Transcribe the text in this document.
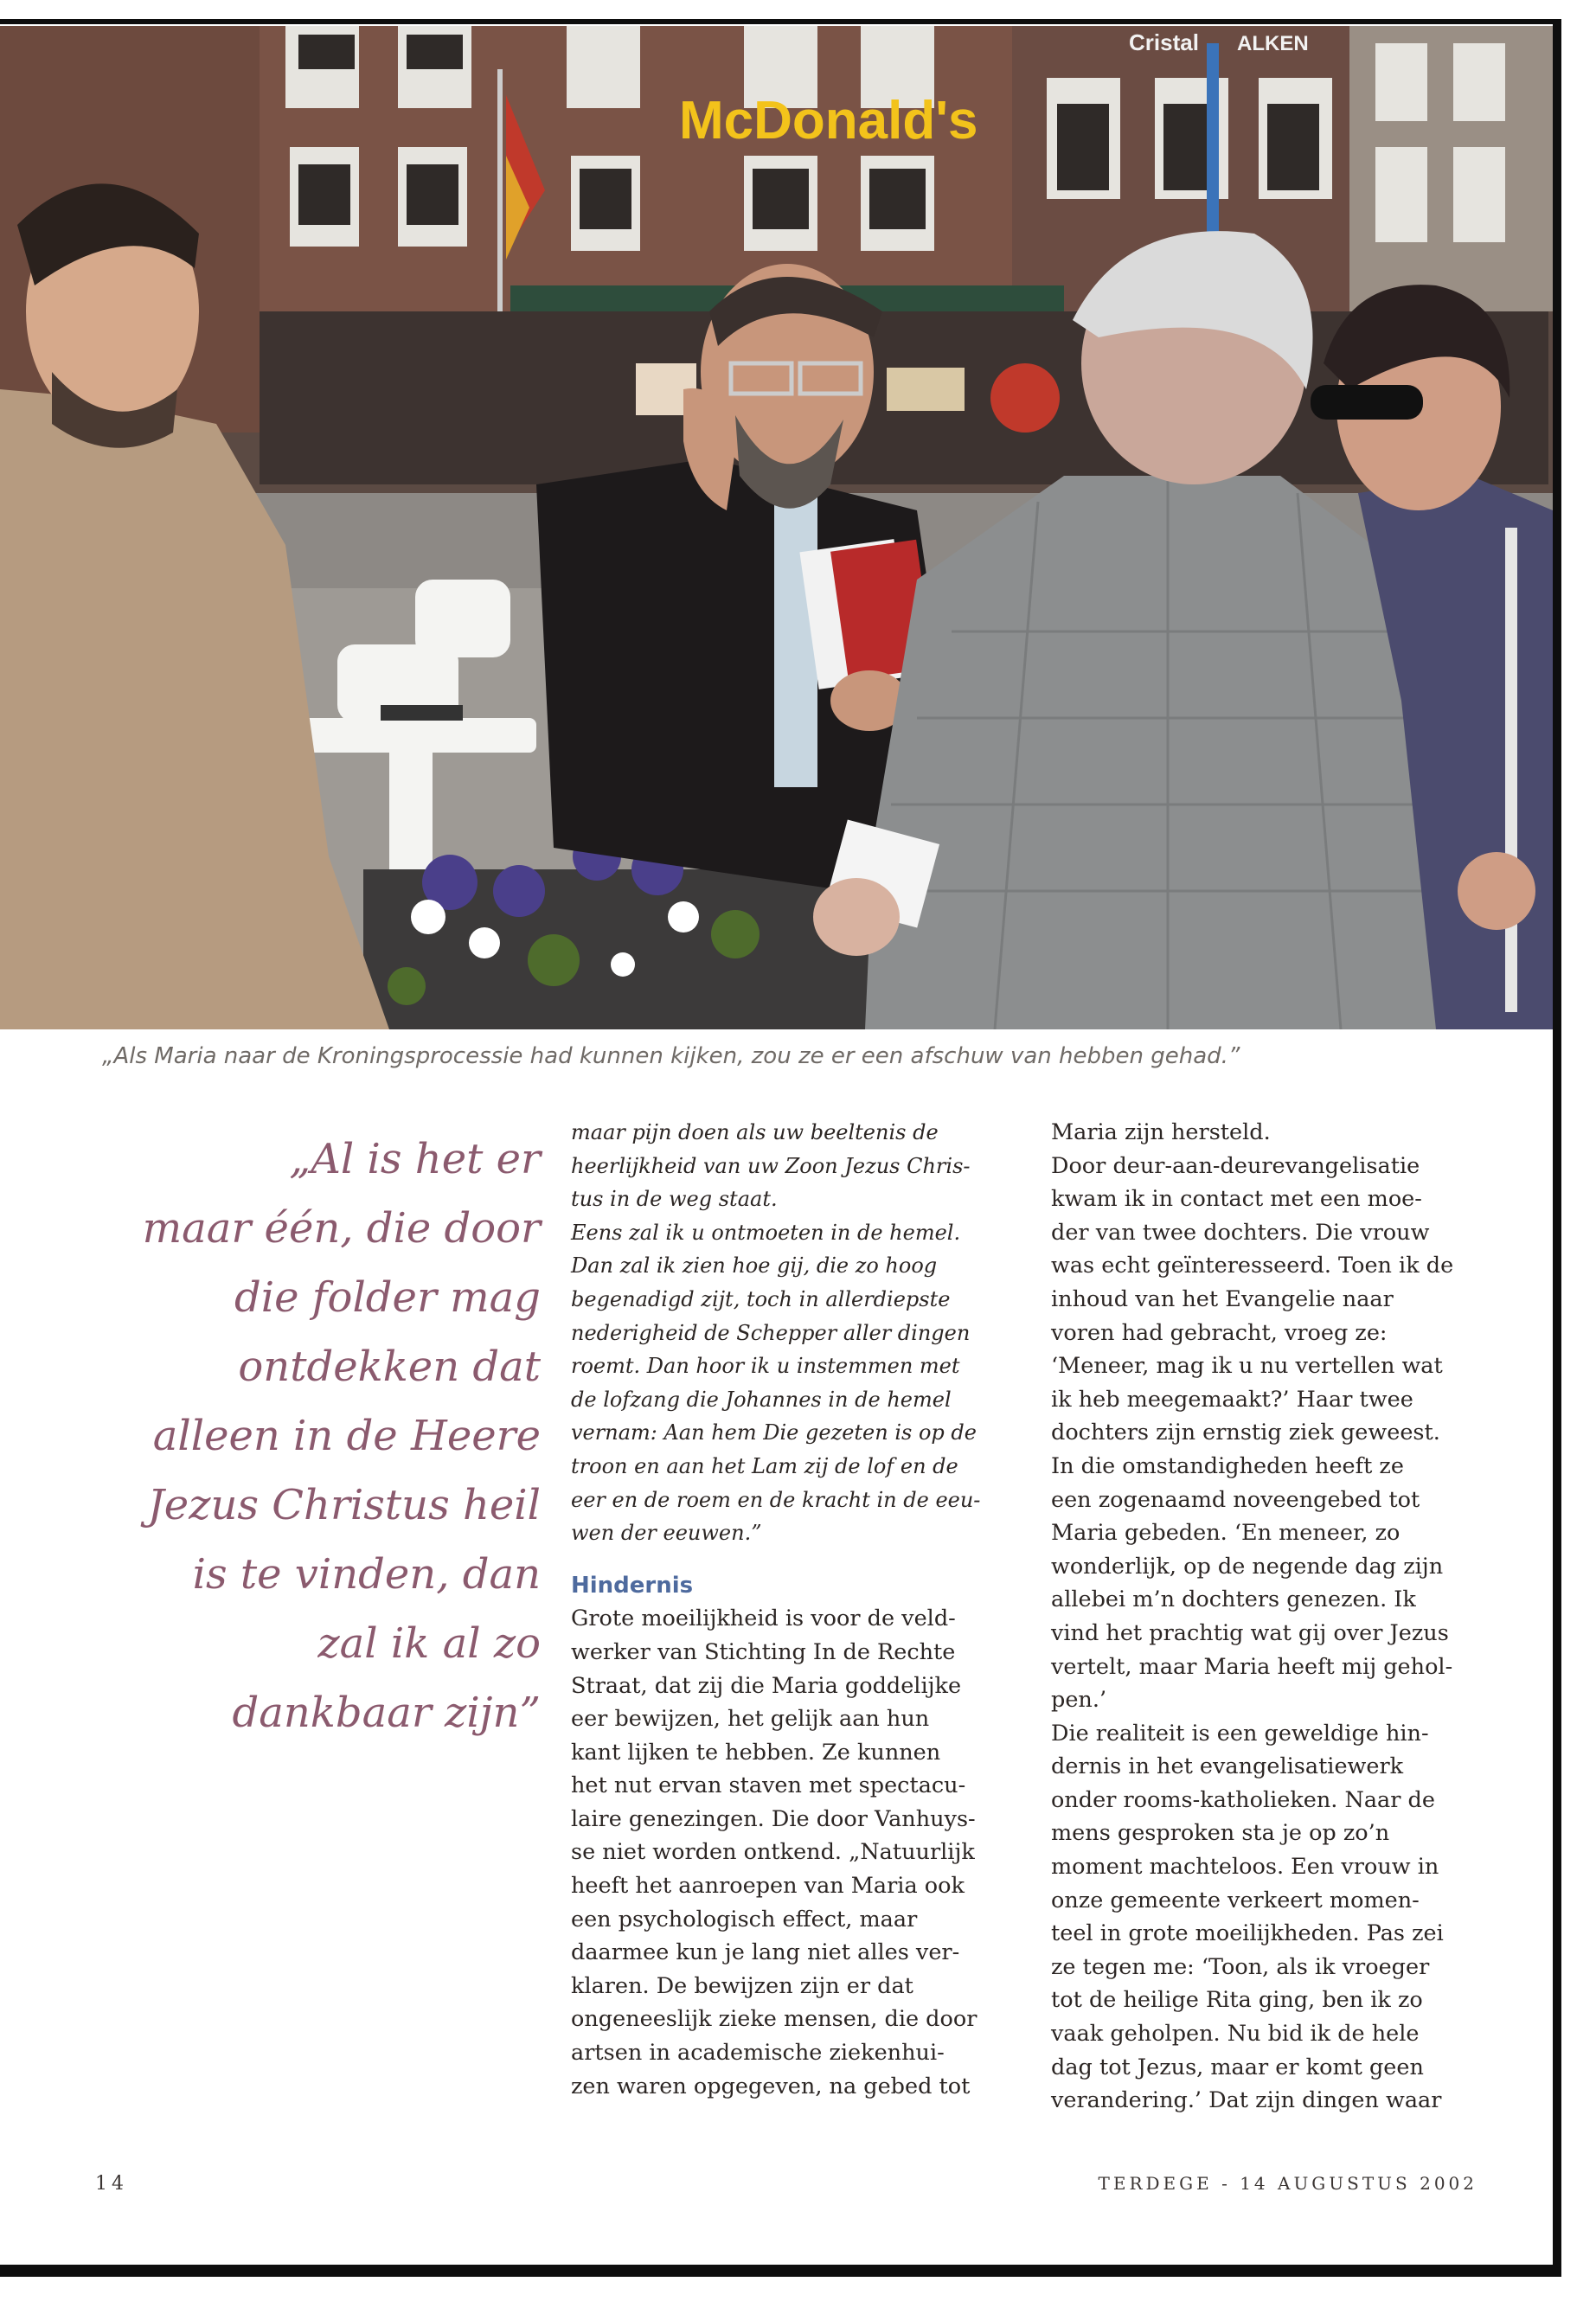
McDonald's
Cristal ALKEN
„Als Maria naar de Kroningsprocessie had kunnen kijken, zou ze er een afschuw van hebben gehad.”
„Al is het er
maar één, die door
die folder mag
ontdekken dat
alleen in de Heere
Jezus Christus heil
is te vinden, dan
zal ik al zo
dankbaar zijn”
maar pijn doen als uw beeltenis de
heerlijkheid van uw Zoon Jezus Chris-
tus in de weg staat.
Eens zal ik u ontmoeten in de hemel.
Dan zal ik zien hoe gij, die zo hoog
begenadigd zijt, toch in allerdiepste
nederigheid de Schepper aller dingen
roemt. Dan hoor ik u instemmen met
de lofzang die Johannes in de hemel
vernam: Aan hem Die gezeten is op de
troon en aan het Lam zij de lof en de
eer en de roem en de kracht in de eeu-
wen der eeuwen.”
Hindernis
Grote moeilijkheid is voor de veld-
werker van Stichting In de Rechte
Straat, dat zij die Maria goddelijke
eer bewijzen, het gelijk aan hun
kant lijken te hebben. Ze kunnen
het nut ervan staven met spectacu-
laire genezingen. Die door Vanhuys-
se niet worden ontkend. „Natuurlijk
heeft het aanroepen van Maria ook
een psychologisch effect, maar
daarmee kun je lang niet alles ver-
klaren. De bewijzen zijn er dat
ongeneeslijk zieke mensen, die door
artsen in academische ziekenhui-
zen waren opgegeven, na gebed tot
Maria zijn hersteld.
Door deur-aan-deurevangelisatie
kwam ik in contact met een moe-
der van twee dochters. Die vrouw
was echt geïnteresseerd. Toen ik de
inhoud van het Evangelie naar
voren had gebracht, vroeg ze:
‘Meneer, mag ik u nu vertellen wat
ik heb meegemaakt?’ Haar twee
dochters zijn ernstig ziek geweest.
In die omstandigheden heeft ze
een zogenaamd noveengebed tot
Maria gebeden. ‘En meneer, zo
wonderlijk, op de negende dag zijn
allebei m’n dochters genezen. Ik
vind het prachtig wat gij over Jezus
vertelt, maar Maria heeft mij gehol-
pen.’
Die realiteit is een geweldige hin-
dernis in het evangelisatiewerk
onder rooms-katholieken. Naar de
mens gesproken sta je op zo’n
moment machteloos. Een vrouw in
onze gemeente verkeert momen-
teel in grote moeilijkheden. Pas zei
ze tegen me: ‘Toon, als ik vroeger
tot de heilige Rita ging, ben ik zo
vaak geholpen. Nu bid ik de hele
dag tot Jezus, maar er komt geen
verandering.’ Dat zijn dingen waar
14	TERDEGE - 14 AUGUSTUS 2002
